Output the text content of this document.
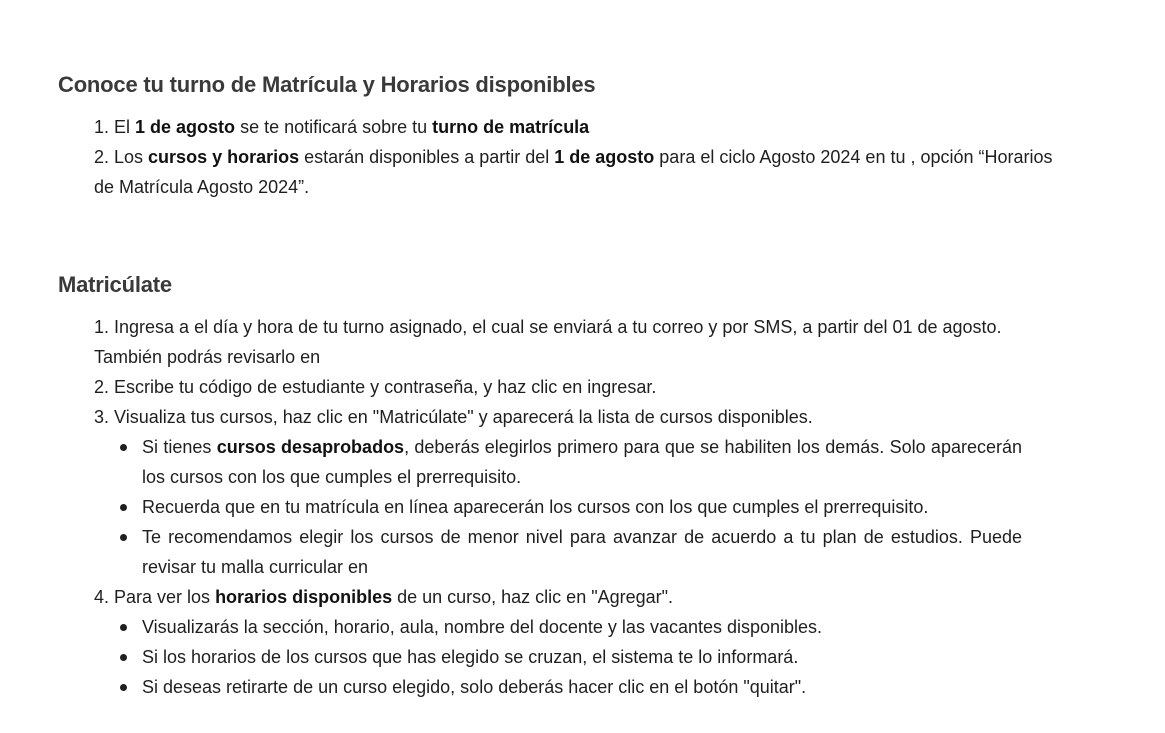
Conoce tu turno de Matrícula y Horarios disponibles
1. El 1 de agosto se te notificará sobre tu turno de matrícula
2. Los cursos y horarios estarán disponibles a partir del 1 de agosto para el ciclo Agosto 2024 en tu , opción “Horarios de Matrícula Agosto 2024”.
Matricúlate
1. Ingresa a el día y hora de tu turno asignado, el cual se enviará a tu correo y por SMS, a partir del 01 de agosto. También podrás revisarlo en
2. Escribe tu código de estudiante y contraseña, y haz clic en ingresar.
3. Visualiza tus cursos, haz clic en "Matricúlate" y aparecerá la lista de cursos disponibles.
Si tienes cursos desaprobados, deberás elegirlos primero para que se habiliten los demás. Solo aparecerán los cursos con los que cumples el prerrequisito.
Recuerda que en tu matrícula en línea aparecerán los cursos con los que cumples el prerrequisito.
Te recomendamos elegir los cursos de menor nivel para avanzar de acuerdo a tu plan de estudios. Puede revisar tu malla curricular en
4. Para ver los horarios disponibles de un curso, haz clic en "Agregar".
Visualizarás la sección, horario, aula, nombre del docente y las vacantes disponibles.
Si los horarios de los cursos que has elegido se cruzan, el sistema te lo informará.
Si deseas retirarte de un curso elegido, solo deberás hacer clic en el botón "quitar".
